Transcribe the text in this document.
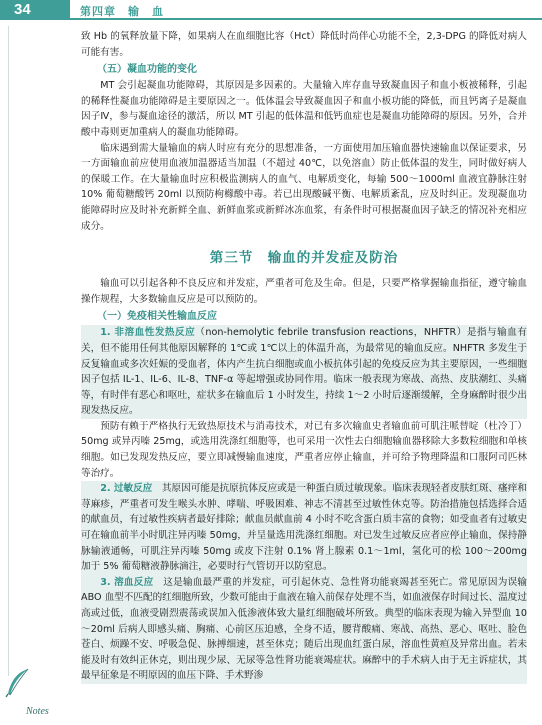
34	第四章　输　血
Notes

致 Hb 的氧释放量下降，如果病人在血细胞比容（Hct）降低时尚伴心功能不全，2,3-DPG 的降低对病人可能有害。

（五）凝血功能的变化

MT 会引起凝血功能障碍，其原因是多因素的。大量输入库存血导致凝血因子和血小板被稀释，引起的稀释性凝血功能障碍是主要原因之一。低体温会导致凝血因子和血小板功能的降低，而且钙离子是凝血因子Ⅳ，参与凝血途径的激活，所以 MT 引起的低体温和低钙血症也是凝血功能障碍的原因。另外，合并酸中毒则更加重病人的凝血功能障碍。

临床遇到需大量输血的病人时应有充分的思想准备，一方面使用加压输血器快速输血以保证要求，另一方面输血前应使用血液加温器适当加温（不超过 40℃，以免溶血）防止低体温的发生，同时做好病人的保暖工作。在大量输血时应积极监测病人的血气、电解质变化，每输 500～1000ml 血液宜静脉注射 10% 葡萄糖酸钙 20ml 以预防枸橼酸中毒。若已出现酸碱平衡、电解质紊乱，应及时纠正。发现凝血功能障碍时应及时补充新鲜全血、新鲜血浆或新鲜冰冻血浆，有条件时可根据凝血因子缺乏的情况补充相应成分。

第三节　输血的并发症及防治

输血可以引起各种不良反应和并发症，严重者可危及生命。但是，只要严格掌握输血指征，遵守输血操作规程，大多数输血反应是可以预防的。

（一）免疫相关性输血反应

1. 非溶血性发热反应（non-hemolytic febrile transfusion reactions，NHFTR）是指与输血有关，但不能用任何其他原因解释的 1℃或 1℃以上的体温升高，为最常见的输血反应。NHFTR 多发生于反复输血或多次妊娠的受血者，体内产生抗白细胞或血小板抗体引起的免疫反应为其主要原因，一些细胞因子包括 IL-1、IL-6、IL-8、TNF-α 等起增强或协同作用。临床一般表现为寒战、高热、皮肤潮红、头痛等，有时伴有恶心和呕吐，症状多在输血后 1 小时发生，持续 1～2 小时后逐渐缓解，全身麻醉时很少出现发热反应。

预防有赖于严格执行无致热原技术与消毒技术，对已有多次输血史者输血前可肌注哌替啶（杜冷丁）50mg 或异丙嗪 25mg，或选用洗涤红细胞等，也可采用一次性去白细胞输血器移除大多数粒细胞和单核细胞。如已发现发热反应，要立即减慢输血速度，严重者应停止输血，并可给予物理降温和口服阿司匹林等治疗。

2. 过敏反应　 其原因可能是抗原抗体反应或是一种蛋白质过敏现象。临床表现轻者皮肤红斑、瘙痒和荨麻疹，严重者可发生喉头水肿、哮喘、呼吸困难、神志不清甚至过敏性休克等。防治措施包括选择合适的献血员，有过敏性疾病者最好排除；献血员献血前 4 小时不吃含蛋白质丰富的食物；如受血者有过敏史可在输血前半小时肌注异丙嗪 50mg，并呈量选用洗涤红细胞。对已发生过敏反应者应停止输血，保持静脉输液通畅，可肌注异丙嗪 50mg 或皮下注射 0.1% 肾上腺素 0.1～1ml，氢化可的松 100～200mg 加于 5% 葡萄糖液静脉滴注，必要时行气管切开以防窒息。

3. 溶血反应　 这是输血最严重的并发症，可引起休克、急性肾功能衰竭甚至死亡。常见原因为误输 ABO 血型不匹配的红细胞所致，少数可能由于血液在输入前保存处理不当，如血液保存时间过长、温度过高或过低，血液受剧烈震荡或误加入低渗液体致大量红细胞破坏所致。典型的临床表现为输入异型血 10～20ml 后病人即感头痛、胸痛、心前区压迫感，全身不适，腰背酸痛、寒战、高热、恶心、呕吐、脸色苍白、烦躁不安、呼吸急促、脉搏细速，甚至休克；随后出现血红蛋白尿，溶血性黄疸及异常出血。若未能及时有效纠正休克，则出现少尿、无尿等急性肾功能衰竭症状。麻醉中的手术病人由于无主诉症状，其最早征象是不明原因的血压下降、手术野渗
